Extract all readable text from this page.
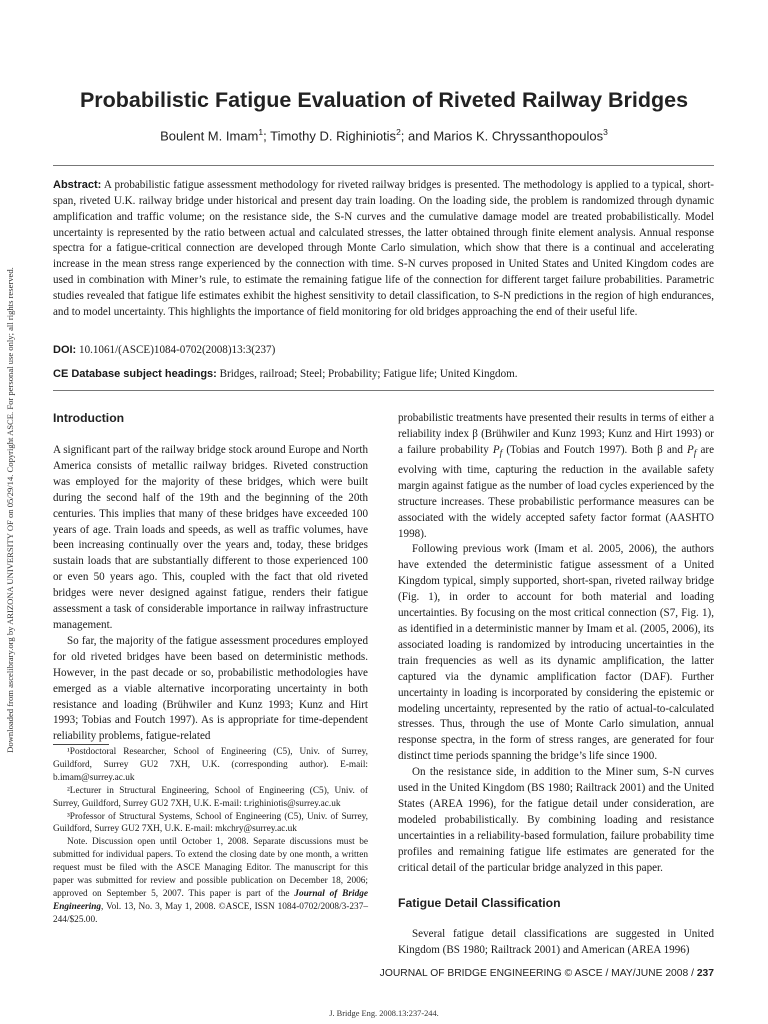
Downloaded from ascelibrary.org by ARIZONA UNIVERSITY OF on 05/29/14. Copyright ASCE. For personal use only; all rights reserved.
Probabilistic Fatigue Evaluation of Riveted Railway Bridges
Boulent M. Imam$^1$; Timothy D. Righiniotis$^2$; and Marios K. Chryssanthopoulos$^3$
Abstract: A probabilistic fatigue assessment methodology for riveted railway bridges is presented. The methodology is applied to a typical, short-span, riveted U.K. railway bridge under historical and present day train loading. On the loading side, the problem is randomized through dynamic amplification and traffic volume; on the resistance side, the S-N curves and the cumulative damage model are treated probabilistically. Model uncertainty is represented by the ratio between actual and calculated stresses, the latter obtained through finite element analysis. Annual response spectra for a fatigue-critical connection are developed through Monte Carlo simulation, which show that there is a continual and accelerating increase in the mean stress range experienced by the connection with time. S-N curves proposed in United States and United Kingdom codes are used in combination with Miner’s rule, to estimate the remaining fatigue life of the connection for different target failure probabilities. Parametric studies revealed that fatigue life estimates exhibit the highest sensitivity to detail classification, to S-N predictions in the region of high endurances, and to model uncertainty. This highlights the importance of field monitoring for old bridges approaching the end of their useful life.
DOI: 10.1061/(ASCE)1084-0702(2008)13:3(237)
CE Database subject headings: Bridges, railroad; Steel; Probability; Fatigue life; United Kingdom.
Introduction

A significant part of the railway bridge stock around Europe and North America consists of metallic railway bridges. Riveted construction was employed for the majority of these bridges, which were built during the second half of the 19th and the beginning of the 20th centuries. This implies that many of these bridges have exceeded 100 years of age. Train loads and speeds, as well as traffic volumes, have been increasing continually over the years and, today, these bridges sustain loads that are substantially different to those experienced 100 or even 50 years ago. This, coupled with the fact that old riveted bridges were never designed against fatigue, renders their fatigue assessment a task of considerable importance in railway infrastructure management.

So far, the majority of the fatigue assessment procedures employed for old riveted bridges have been based on deterministic methods. However, in the past decade or so, probabilistic methodologies have emerged as a viable alternative incorporating uncertainty in both resistance and loading (Brühwiler and Kunz 1993; Kunz and Hirt 1993; Tobias and Foutch 1997). As is appropriate for time-dependent reliability problems, fatigue-related

¹Postdoctoral Researcher, School of Engineering (C5), Univ. of Surrey, Guildford, Surrey GU2 7XH, U.K. (corresponding author). E-mail: b.imam@surrey.ac.uk

²Lecturer in Structural Engineering, School of Engineering (C5), Univ. of Surrey, Guildford, Surrey GU2 7XH, U.K. E-mail: t.righiniotis@surrey.ac.uk

³Professor of Structural Systems, School of Engineering (C5), Univ. of Surrey, Guildford, Surrey GU2 7XH, U.K. E-mail: mkchry@surrey.ac.uk

Note. Discussion open until October 1, 2008. Separate discussions must be submitted for individual papers. To extend the closing date by one month, a written request must be filed with the ASCE Managing Editor. The manuscript for this paper was submitted for review and possible publication on December 18, 2006; approved on September 5, 2007. This paper is part of the Journal of Bridge Engineering, Vol. 13, No. 3, May 1, 2008. ©ASCE, ISSN 1084-0702/2008/3-237–244/$25.00.

probabilistic treatments have presented their results in terms of either a reliability index β (Brühwiler and Kunz 1993; Kunz and Hirt 1993) or a failure probability $P_f$ (Tobias and Foutch 1997). Both β and $P_f$ are evolving with time, capturing the reduction in the available safety margin against fatigue as the number of load cycles experienced by the structure increases. These probabilistic performance measures can be associated with the widely accepted safety factor format (AASHTO 1998).

Following previous work (Imam et al. 2005, 2006), the authors have extended the deterministic fatigue assessment of a United Kingdom typical, simply supported, short-span, riveted railway bridge (Fig. 1), in order to account for both material and loading uncertainties. By focusing on the most critical connection (S7, Fig. 1), as identified in a deterministic manner by Imam et al. (2005, 2006), its associated loading is randomized by introducing uncertainties in the train frequencies as well as its dynamic amplification, the latter captured via the dynamic amplification factor (DAF). Further uncertainty in loading is incorporated by considering the epistemic or modeling uncertainty, represented by the ratio of actual-to-calculated stresses. Thus, through the use of Monte Carlo simulation, annual response spectra, in the form of stress ranges, are generated for four distinct time periods spanning the bridge’s life since 1900.

On the resistance side, in addition to the Miner sum, S-N curves used in the United Kingdom (BS 1980; Railtrack 2001) and the United States (AREA 1996), for the fatigue detail under consideration, are modeled probabilistically. By combining loading and resistance uncertainties in a reliability-based formulation, failure probability time profiles and remaining fatigue life estimates are generated for the critical detail of the particular bridge analyzed in this paper.

Fatigue Detail Classification

Several fatigue detail classifications are suggested in United Kingdom (BS 1980; Railtrack 2001) and American (AREA 1996)

JOURNAL OF BRIDGE ENGINEERING © ASCE / MAY/JUNE 2008 / 237
J. Bridge Eng. 2008.13:237-244.
